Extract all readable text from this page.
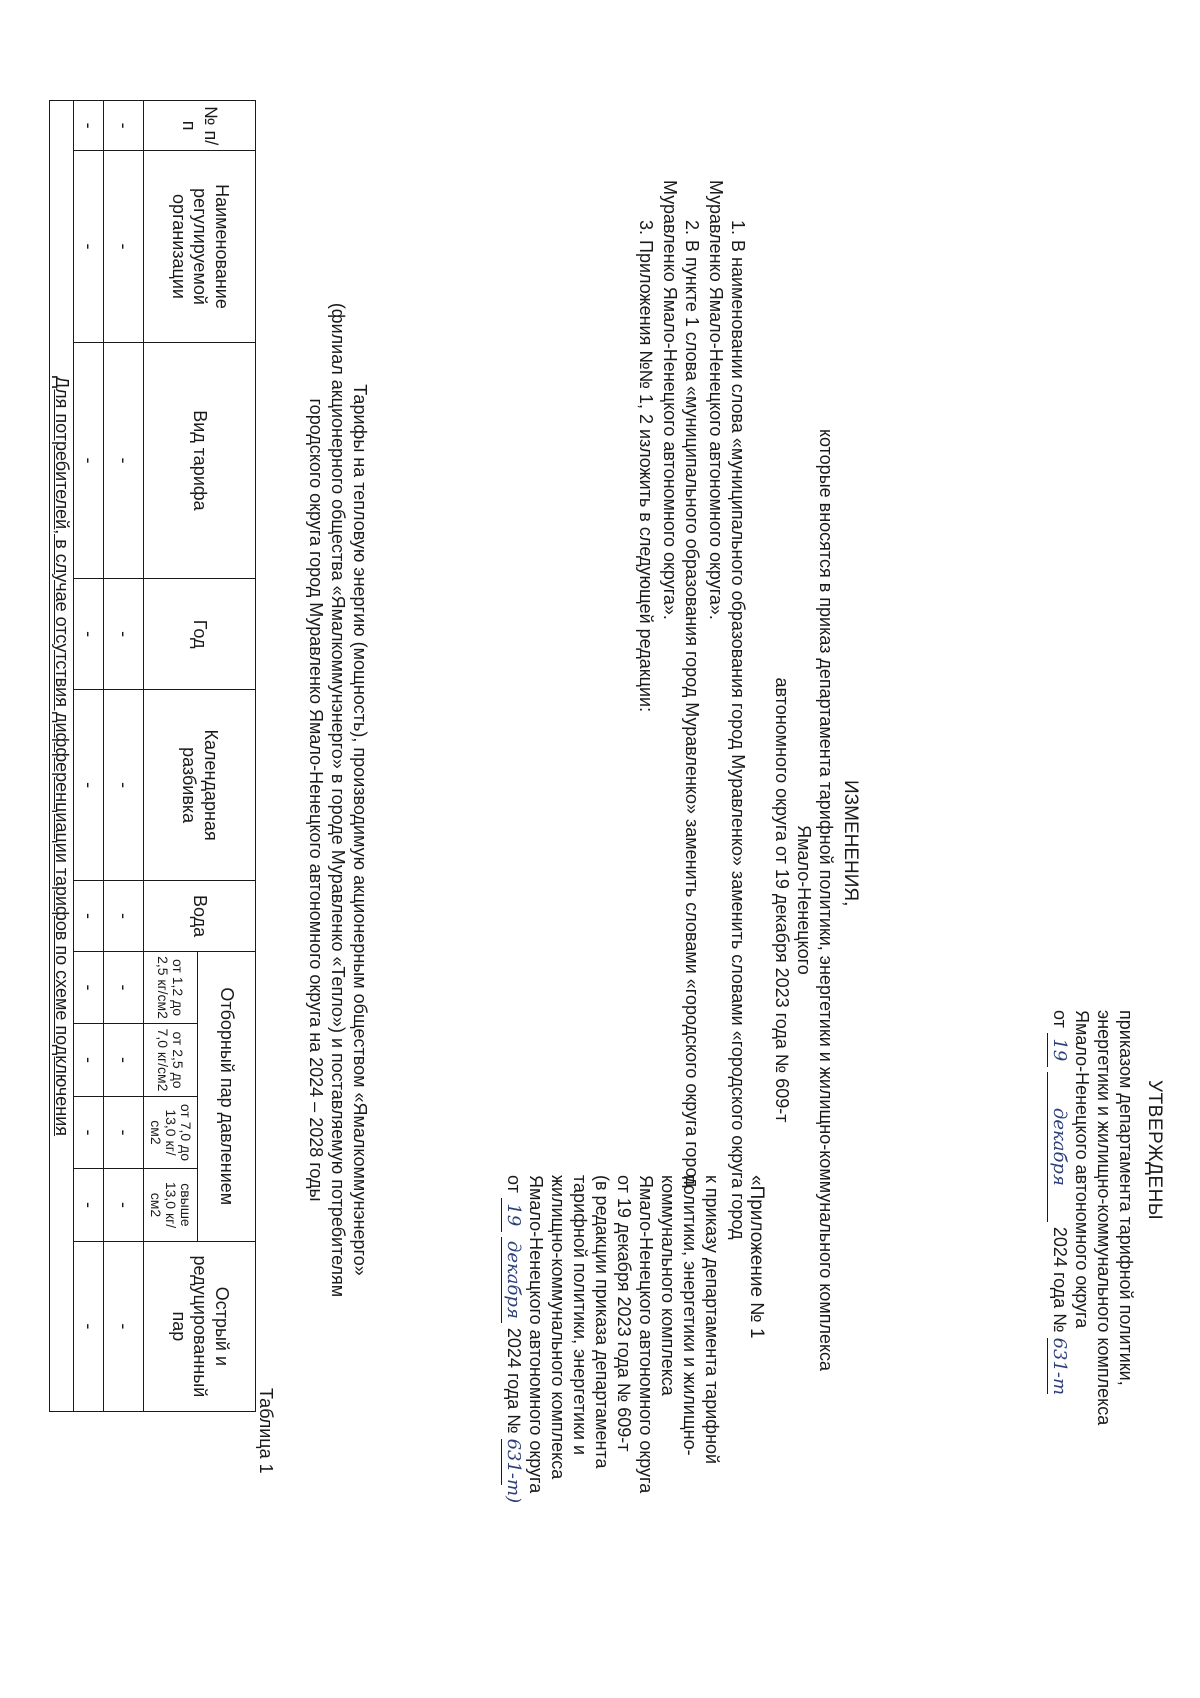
УТВЕРЖДЕНЫ
приказом департамента тарифной политики,
энергетики и жилищно-коммунального комплекса
Ямало-Ненецкого автономного округа
от 19 декабря 2024 года № 631-т
ИЗМЕНЕНИЯ,
которые вносятся в приказ департамента тарифной политики, энергетики и жилищно-коммунального комплекса Ямало-Ненецкого
автономного округа от 19 декабря 2023 года № 609-т
1. В наименовании слова «муниципального образования город Муравленко» заменить словами «городского округа город
Муравленко Ямало-Ненецкого автономного округа».
2. В пункте 1 слова «муниципального образования город Муравленко» заменить словами «городского округа город
Муравленко Ямало-Ненецкого автономного округа».
3. Приложения №№ 1, 2 изложить в следующей редакции:
«Приложение № 1
к приказу департамента тарифной
политики, энергетики и жилищно-
коммунального комплекса
Ямало-Ненецкого автономного округа
от 19 декабря 2023 года № 609-т
(в редакции приказа департамента
тарифной политики, энергетики и
жилищно-коммунального комплекса
Ямало-Ненецкого автономного округа
от 19 декабря 2024 года № 631-т)
Тарифы на тепловую энергию (мощность), производимую акционерным обществом «Ямалкоммунэнерго»
(филиал акционерного общества «Ямалкоммунэнерго» в городе Муравленко «Тепло») и поставляемую потребителям
городского округа город Муравленко Ямало-Ненецкого автономного округа на 2024 – 2028 годы
Таблица 1
№ п/п	Наименование регулируемой организации	Вид тарифа	Год	Календарная разбивка	Вода	Отборный пар давлением				Острый и редуцированный пар
						от 1,2 до 2,5 кг/см2	от 2,5 до 7,0 кг/см2	от 7,0 до 13,0 кг/см2	свыше 13,0 кг/см2	
-	-	-	-	-	-	-	-	-	-	-
-	-	-	-	-	-	-	-	-	-	-
Для потребителей, в случае отсутствия дифференциации тарифов по схеме подключения										
